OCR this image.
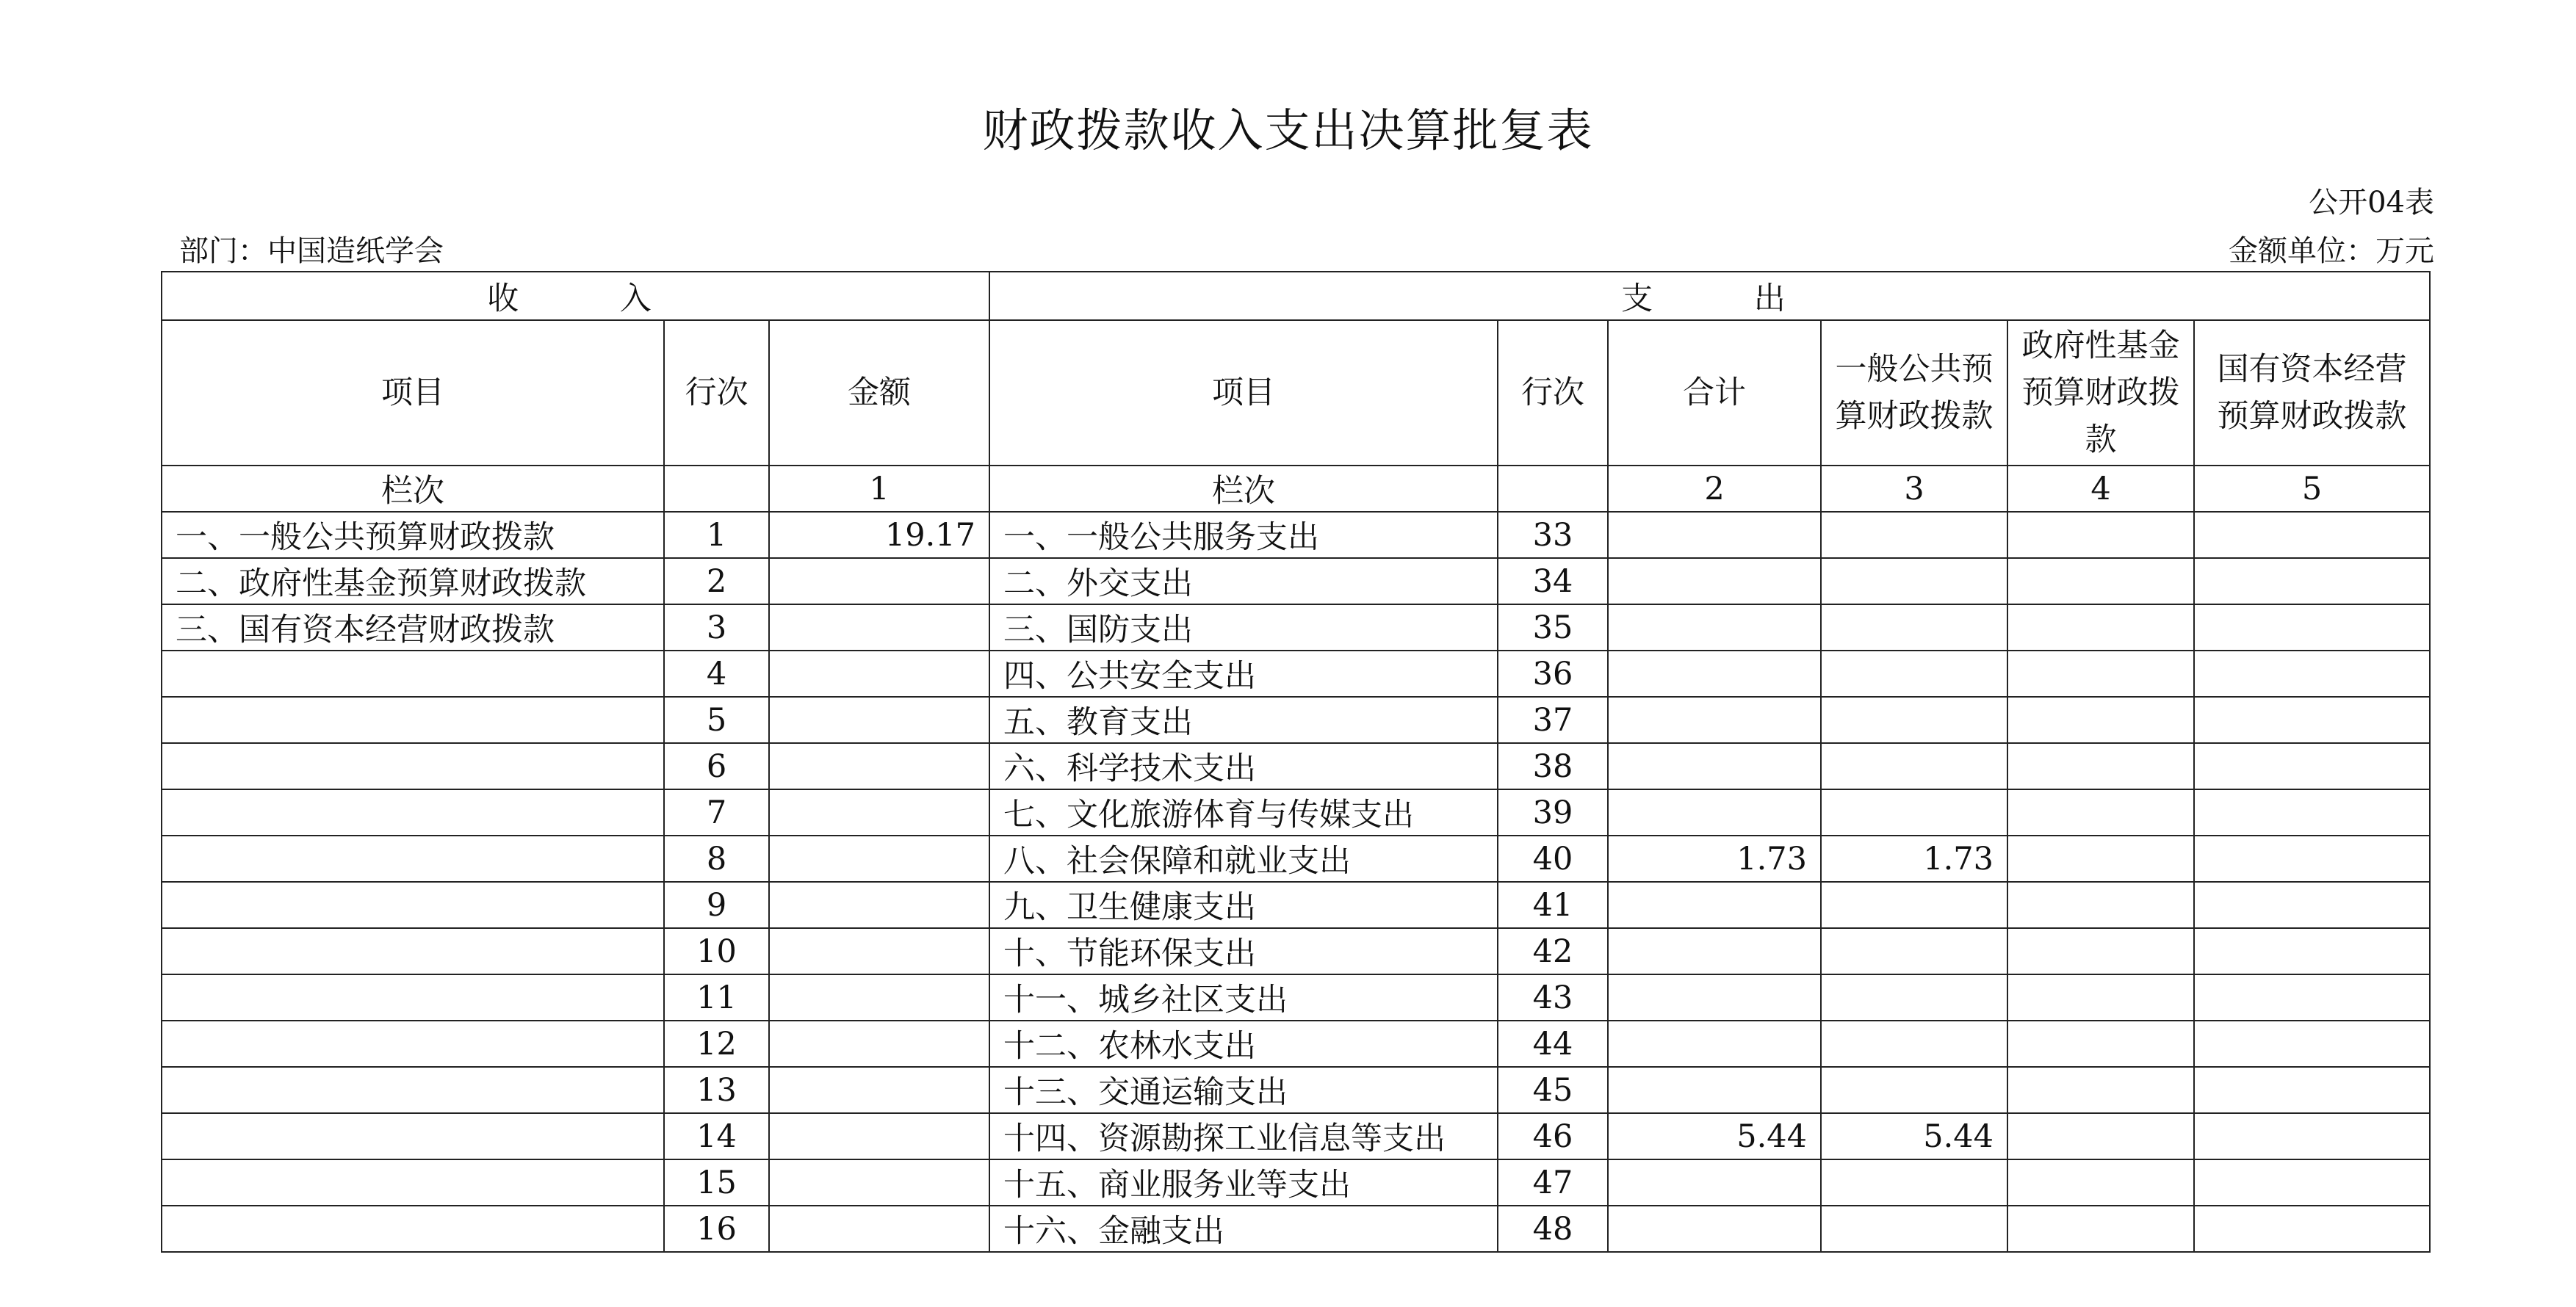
财政拨款收入支出决算批复表
公开04表
部门：中国造纸学会	金额单位：万元
收　　入			支　　出					
项目	行次	金额	项目	行次	合计	一般公共预算财政拨款	政府性基金预算财政拨款	国有资本经营预算财政拨款
栏次		1	栏次		2	3	4	5
一、一般公共预算财政拨款	1	19.17	一、一般公共服务支出	33				
二、政府性基金预算财政拨款	2		二、外交支出	34				
三、国有资本经营财政拨款	3		三、国防支出	35				
	4		四、公共安全支出	36				
	5		五、教育支出	37				
	6		六、科学技术支出	38				
	7		七、文化旅游体育与传媒支出	39				
	8		八、社会保障和就业支出	40	1.73	1.73		
	9		九、卫生健康支出	41				
	10		十、节能环保支出	42				
	11		十一、城乡社区支出	43				
	12		十二、农林水支出	44				
	13		十三、交通运输支出	45				
	14		十四、资源勘探工业信息等支出	46	5.44	5.44		
	15		十五、商业服务业等支出	47				
	16		十六、金融支出	48				
